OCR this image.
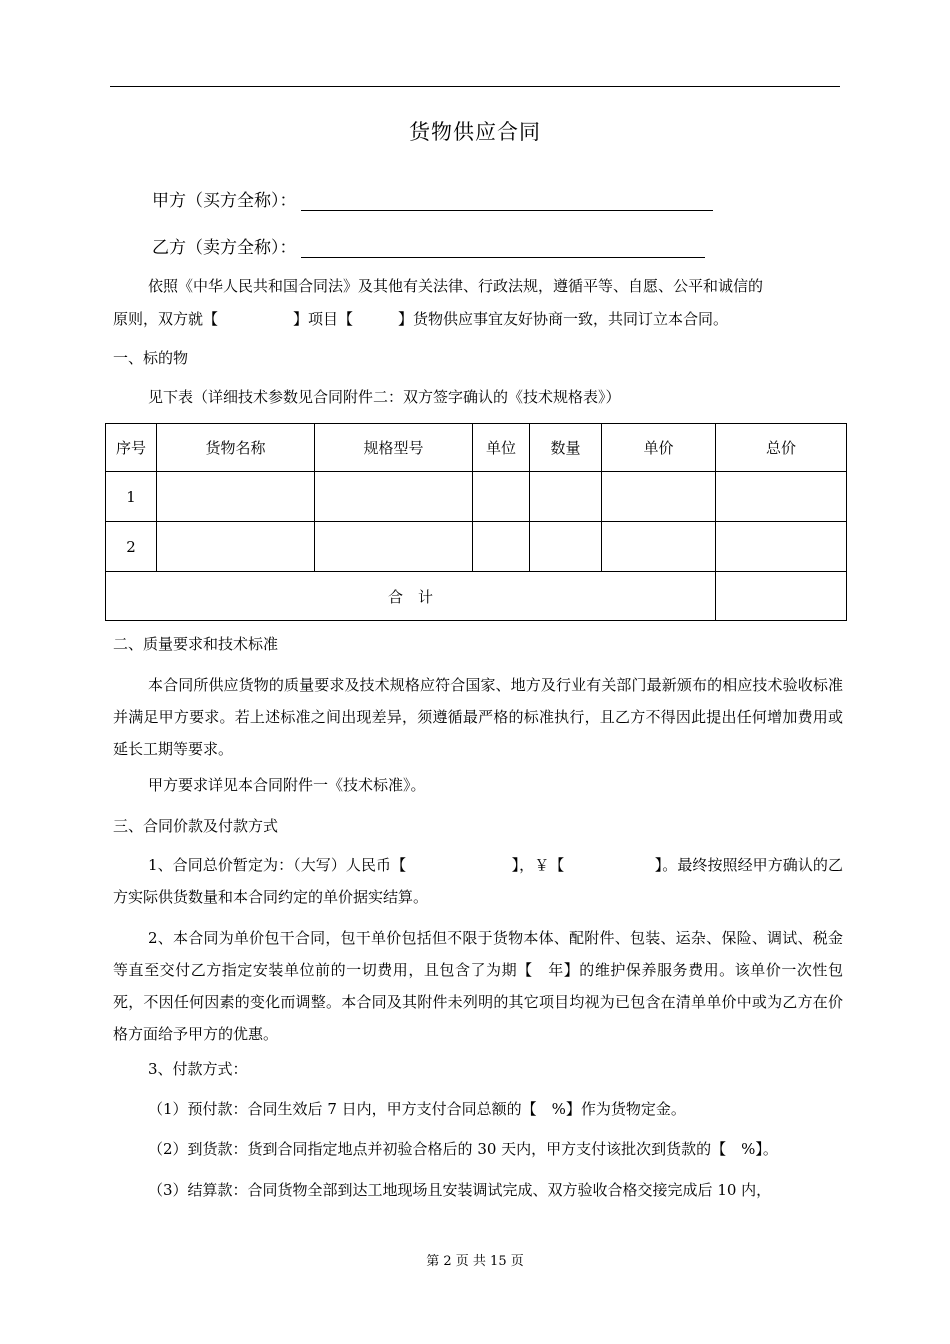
货物供应合同
甲方（买方全称）：
乙方（卖方全称）：
依照《中华人民共和国合同法》及其他有关法律、行政法规，遵循平等、自愿、公平和诚信的
原则，双方就【　　　　　】项目【　　　】货物供应事宜友好协商一致，共同订立本合同。
一、标的物
见下表（详细技术参数见合同附件二：双方签字确认的《技术规格表》）
序号	货物名称	规格型号	单位	数量	单价	总价
1						
2						
合　计						
二、质量要求和技术标准
本合同所供应货物的质量要求及技术规格应符合国家、地方及行业有关部门最新颁布的相应技术验收标准并满足甲方要求。若上述标准之间出现差异，须遵循最严格的标准执行，且乙方不得因此提出任何增加费用或延长工期等要求。
甲方要求详见本合同附件一《技术标准》。
三、合同价款及付款方式
1、合同总价暂定为：（大写）人民币【　　　　　　　】，￥【　　　　　　】。最终按照经甲方确认的乙方实际供货数量和本合同约定的单价据实结算。
2、本合同为单价包干合同，包干单价包括但不限于货物本体、配附件、包装、运杂、保险、调试、税金等直至交付乙方指定安装单位前的一切费用，且包含了为期【　年】的维护保养服务费用。该单价一次性包死，不因任何因素的变化而调整。本合同及其附件未列明的其它项目均视为已包含在清单单价中或为乙方在价格方面给予甲方的优惠。
3、付款方式：
（1）预付款：合同生效后 7 日内，甲方支付合同总额的【　%】作为货物定金。
（2）到货款：货到合同指定地点并初验合格后的 30 天内，甲方支付该批次到货款的【　%】。
（3）结算款：合同货物全部到达工地现场且安装调试完成、双方验收合格交接完成后 10 内，
第 2 页 共 15 页
